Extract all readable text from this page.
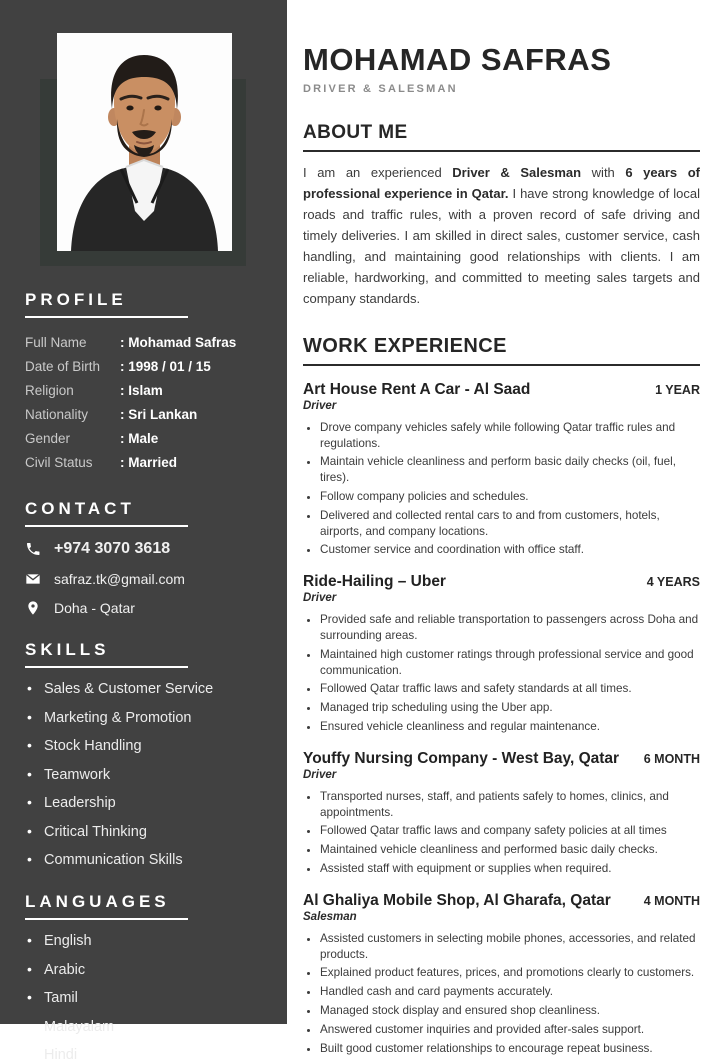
PROFILE
Full Name	: Mohamad Safras
Date of Birth	: 1998 / 01 / 15
Religion	: Islam
Nationality	: Sri Lankan
Gender	: Male
Civil Status	: Married
CONTACT
+974 3070 3618
safraz.tk@gmail.com
Doha - Qatar
SKILLS
• Sales & Customer Service
• Marketing & Promotion
• Stock Handling
• Teamwork
• Leadership
• Critical Thinking
• Communication Skills
LANGUAGES
• English
• Arabic
• Tamil
• Malayalam
• Hindi
MOHAMAD SAFRAS
DRIVER & SALESMAN
ABOUT ME

I am an experienced Driver & Salesman with 6 years of professional experience in Qatar. I have strong knowledge of local roads and traffic rules, with a proven record of safe driving and timely deliveries. I am skilled in direct sales, customer service, cash handling, and maintaining good relationships with clients. I am reliable, hardworking, and committed to meeting sales targets and company standards.

WORK EXPERIENCE
Art House Rent A Car - Al Saad	1 YEAR
Driver
• Drove company vehicles safely while following Qatar traffic rules and regulations.
• Maintain vehicle cleanliness and perform basic daily checks (oil, fuel, tires).
• Follow company policies and schedules.
• Delivered and collected rental cars to and from customers, hotels, airports, and company locations.
• Customer service and coordination with office staff.
Ride-Hailing – Uber	4 YEARS
Driver
• Provided safe and reliable transportation to passengers across Doha and surrounding areas.
• Maintained high customer ratings through professional service and good communication.
• Followed Qatar traffic laws and safety standards at all times.
• Managed trip scheduling using the Uber app.
• Ensured vehicle cleanliness and regular maintenance.
Youffy Nursing Company - West Bay, Qatar 6 MONTH
Driver
• Transported nurses, staff, and patients safely to homes, clinics, and appointments.
• Followed Qatar traffic laws and company safety policies at all times
• Maintained vehicle cleanliness and performed basic daily checks.
• Assisted staff with equipment or supplies when required.
Al Ghaliya Mobile Shop, Al Gharafa, Qatar	4 MONTH
Salesman
• Assisted customers in selecting mobile phones, accessories, and related products.
• Explained product features, prices, and promotions clearly to customers.
• Handled cash and card payments accurately.
• Managed stock display and ensured shop cleanliness.
• Answered customer inquiries and provided after-sales support.
• Built good customer relationships to encourage repeat business.
